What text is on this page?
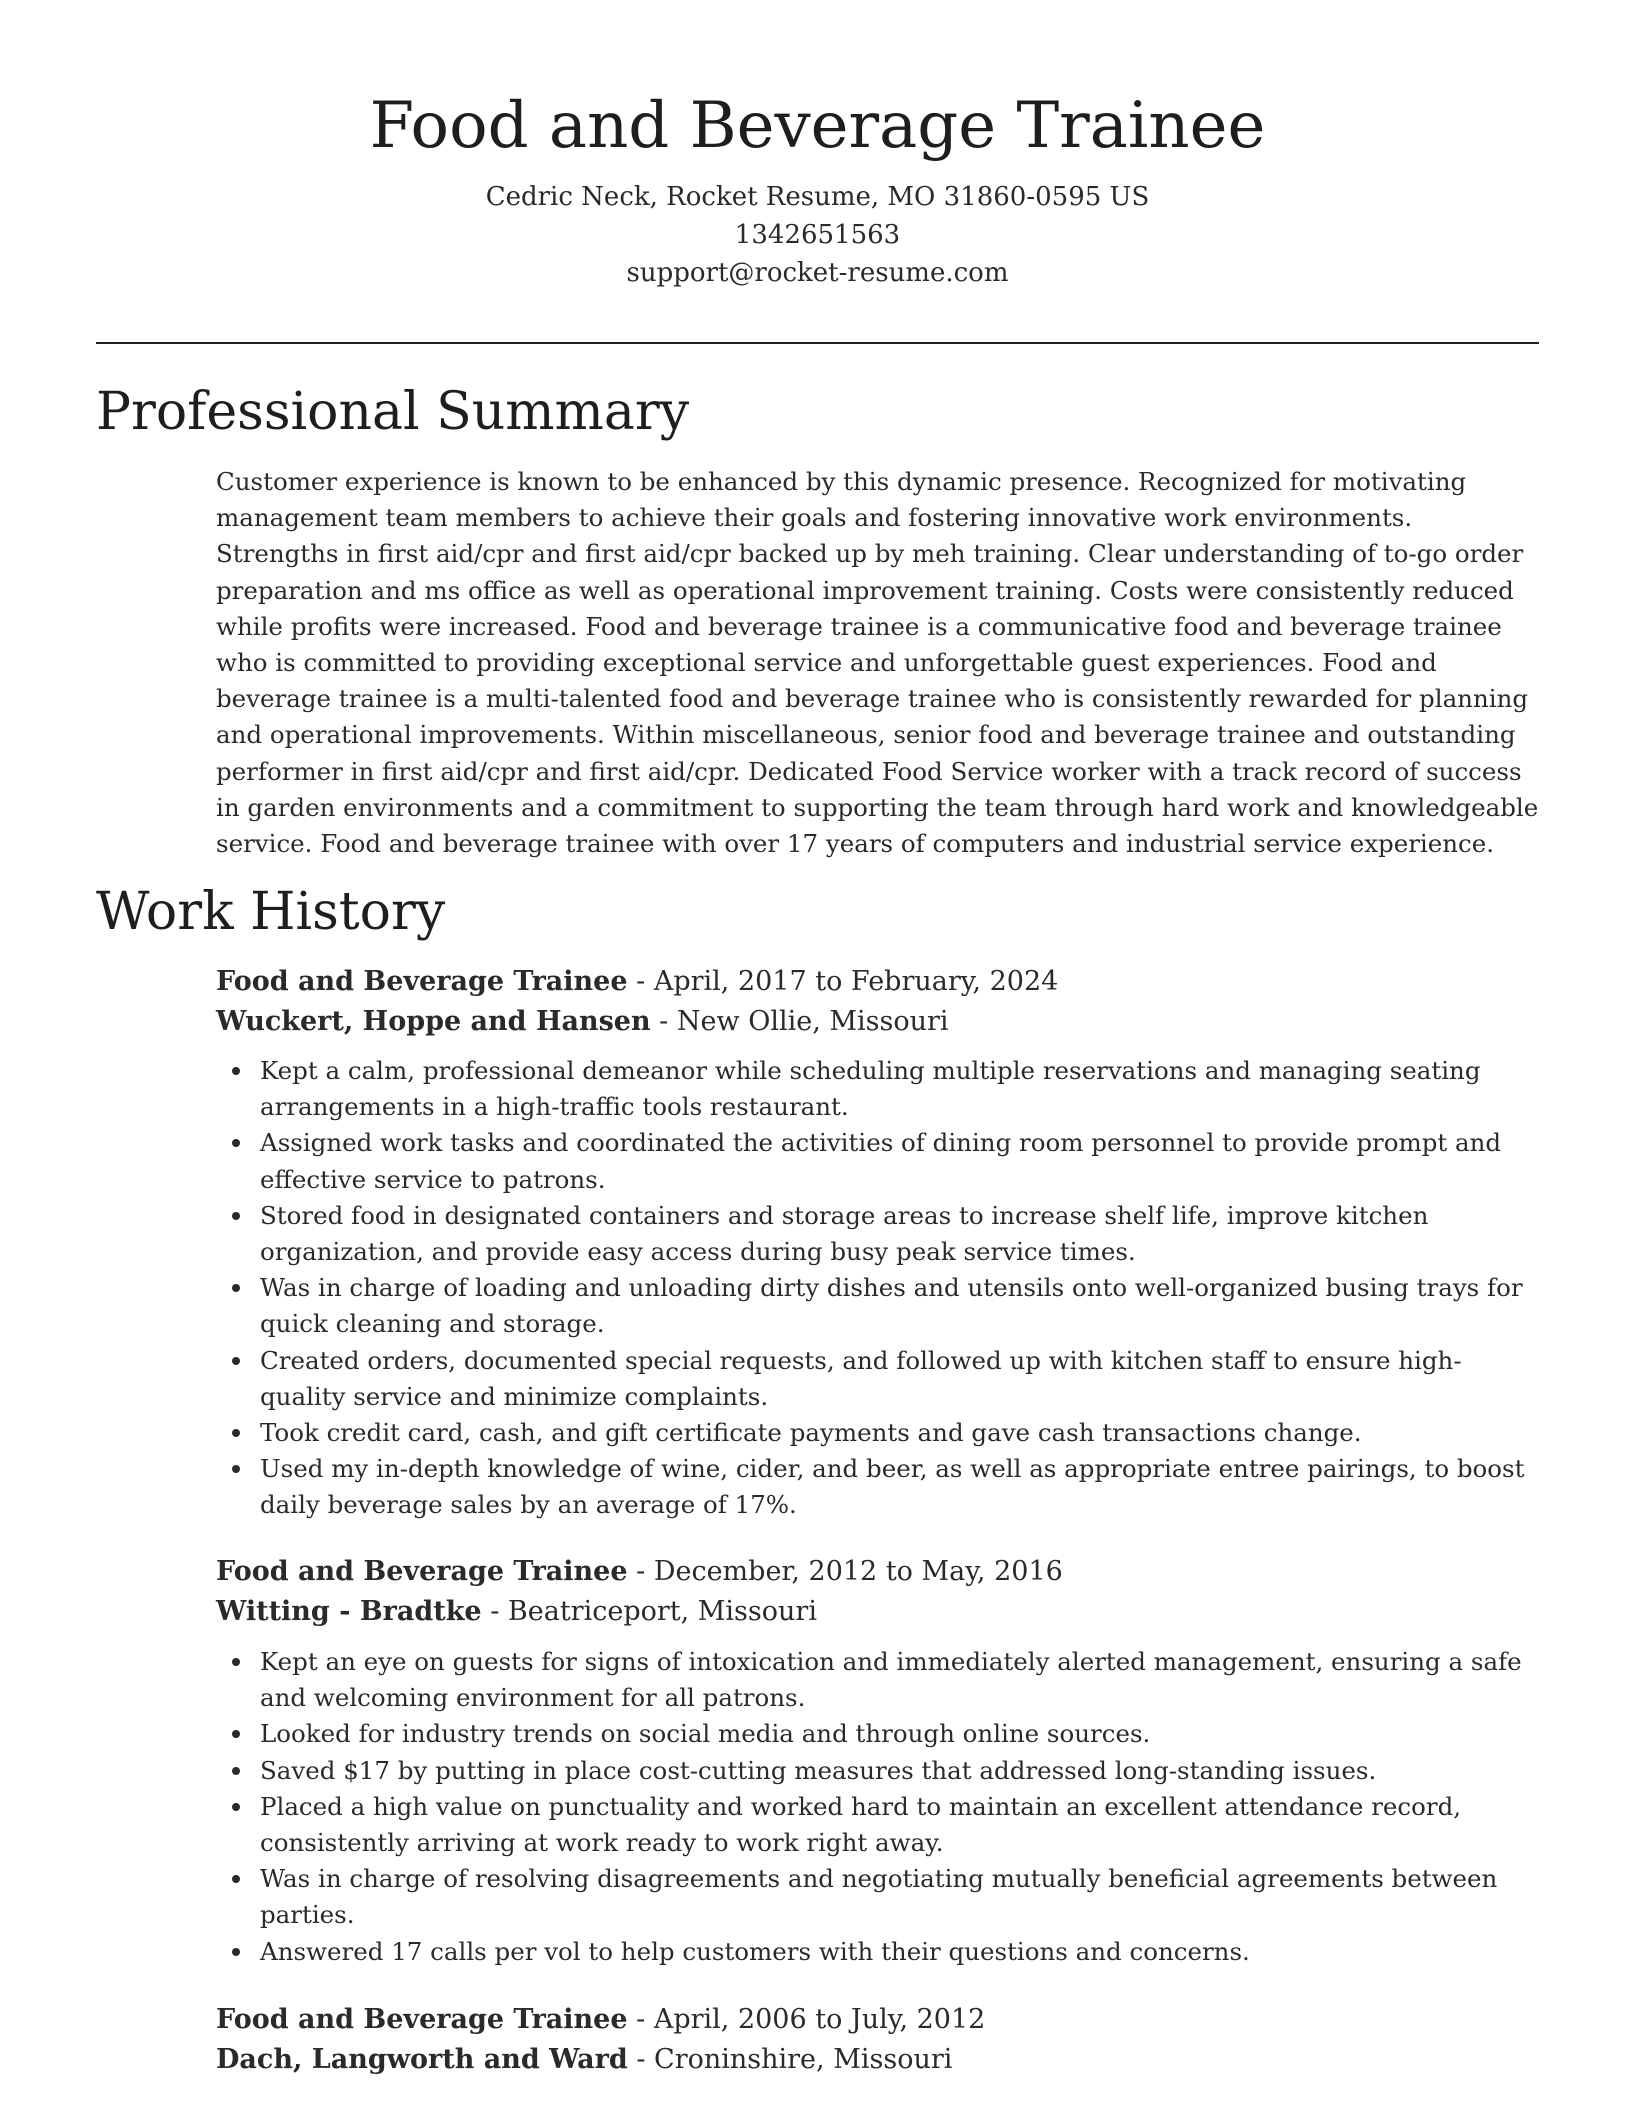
Food and Beverage Trainee
Cedric Neck, Rocket Resume, MO 31860-0595 US
1342651563
support@rocket-resume.com
Professional Summary

Customer experience is known to be enhanced by this dynamic presence. Recognized for motivating management team members to achieve their goals and fostering innovative work environments. Strengths in first aid/cpr and first aid/cpr backed up by meh training. Clear understanding of to-go order preparation and ms office as well as operational improvement training. Costs were consistently reduced while profits were increased. Food and beverage trainee is a communicative food and beverage trainee who is committed to providing exceptional service and unforgettable guest experiences. Food and beverage trainee is a multi-talented food and beverage trainee who is consistently rewarded for planning and operational improvements. Within miscellaneous, senior food and beverage trainee and outstanding performer in first aid/cpr and first aid/cpr. Dedicated Food Service worker with a track record of success in garden environments and a commitment to supporting the team through hard work and knowledgeable service. Food and beverage trainee with over 17 years of computers and industrial service experience.

Work History
Food and Beverage Trainee - April, 2017 to February, 2024
Wuckert, Hoppe and Hansen - New Ollie, Missouri
Kept a calm, professional demeanor while scheduling multiple reservations and managing seating arrangements in a high-traffic tools restaurant.
Assigned work tasks and coordinated the activities of dining room personnel to provide prompt and effective service to patrons.
Stored food in designated containers and storage areas to increase shelf life, improve kitchen organization, and provide easy access during busy peak service times.
Was in charge of loading and unloading dirty dishes and utensils onto well-organized busing trays for quick cleaning and storage.
Created orders, documented special requests, and followed up with kitchen staff to ensure high-quality service and minimize complaints.
Took credit card, cash, and gift certificate payments and gave cash transactions change.
Used my in-depth knowledge of wine, cider, and beer, as well as appropriate entree pairings, to boost daily beverage sales by an average of 17%.
Food and Beverage Trainee - December, 2012 to May, 2016
Witting - Bradtke - Beatriceport, Missouri
Kept an eye on guests for signs of intoxication and immediately alerted management, ensuring a safe and welcoming environment for all patrons.
Looked for industry trends on social media and through online sources.
Saved $17 by putting in place cost-cutting measures that addressed long-standing issues.
Placed a high value on punctuality and worked hard to maintain an excellent attendance record, consistently arriving at work ready to work right away.
Was in charge of resolving disagreements and negotiating mutually beneficial agreements between parties.
Answered 17 calls per vol to help customers with their questions and concerns.
Food and Beverage Trainee - April, 2006 to July, 2012
Dach, Langworth and Ward - Croninshire, Missouri
